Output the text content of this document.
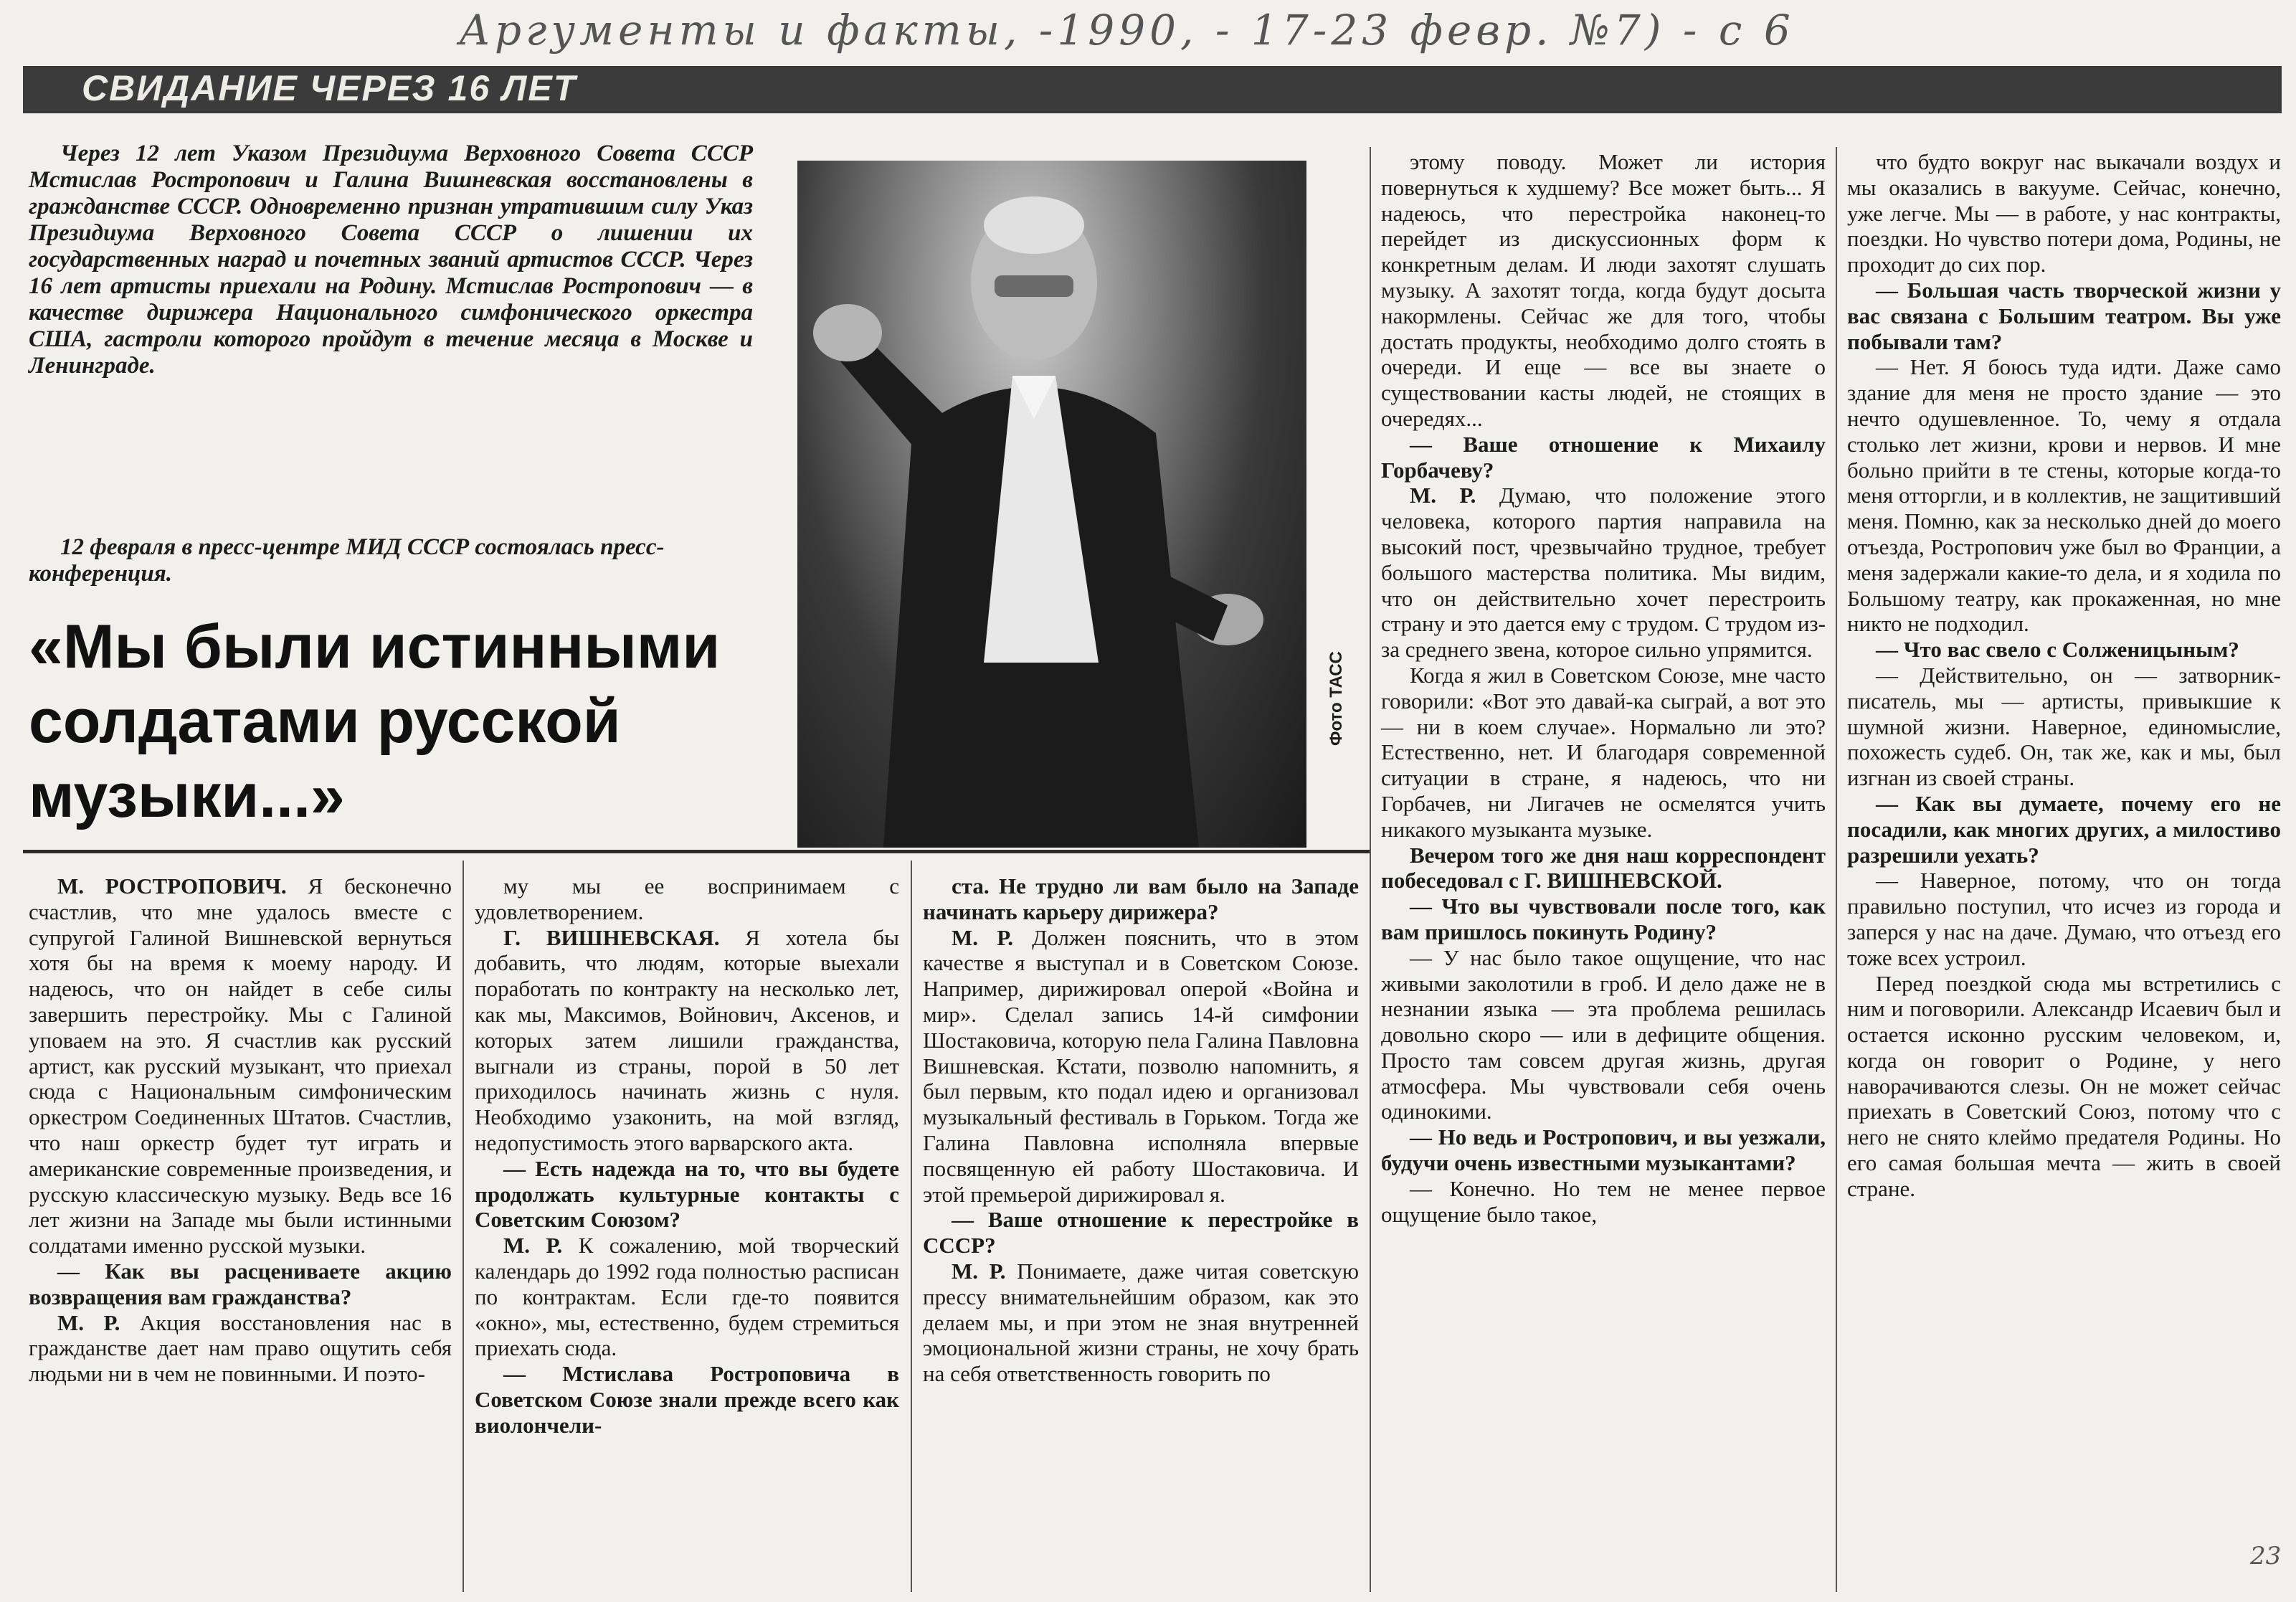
Аргументы и факты, -1990, - 17-23 февр. №7) - с 6
СВИДАНИЕ ЧЕРЕЗ 16 ЛЕТ

Через 12 лет Указом Президиума Верховного Совета СССР Мстислав Ростропович и Галина Вишневская восстановлены в гражданстве СССР. Одновременно признан утратившим силу Указ Президиума Верховного Совета СССР о лишении их государственных наград и почетных званий артистов СССР. Через 16 лет артисты приехали на Родину. Мстислав Ростропович — в качестве дирижера Национального симфонического оркестра США, гастроли которого пройдут в течение месяца в Москве и Ленинграде.

12 февраля в пресс-центре МИД СССР состоялась пресс-конференция.

«Мы были истинными солдатами русской музыки...»
Фото ТАСС

М. РОСТРОПОВИЧ. Я бесконечно счастлив, что мне удалось вместе с супругой Галиной Вишневской вернуться хотя бы на время к моему народу. И надеюсь, что он найдет в себе силы завершить перестройку. Мы с Галиной уповаем на это. Я счастлив как русский артист, как русский музыкант, что приехал сюда с Национальным симфоническим оркестром Соединенных Штатов. Счастлив, что наш оркестр будет тут играть и американские современные произведения, и русскую классическую музыку. Ведь все 16 лет жизни на Западе мы были истинными солдатами именно русской музыки.

— Как вы расцениваете акцию возвращения вам гражданства?

М. Р. Акция восстановления нас в гражданстве дает нам право ощутить себя людьми ни в чем не повинными. И поэто-

му мы ее воспринимаем с удовлетворением.

Г. ВИШНЕВСКАЯ. Я хотела бы добавить, что людям, которые выехали поработать по контракту на несколько лет, как мы, Максимов, Войнович, Аксенов, и которых затем лишили гражданства, выгнали из страны, порой в 50 лет приходилось начинать жизнь с нуля. Необходимо узаконить, на мой взгляд, недопустимость этого варварского акта.

— Есть надежда на то, что вы будете продолжать культурные контакты с Советским Союзом?

М. Р. К сожалению, мой творческий календарь до 1992 года полностью расписан по контрактам. Если где-то появится «окно», мы, естественно, будем стремиться приехать сюда.

— Мстислава Ростроповича в Советском Союзе знали прежде всего как виолончели-

ста. Не трудно ли вам было на Западе начинать карьеру дирижера?

М. Р. Должен пояснить, что в этом качестве я выступал и в Советском Союзе. Например, дирижировал оперой «Война и мир». Сделал запись 14-й симфонии Шостаковича, которую пела Галина Павловна Вишневская. Кстати, позволю напомнить, я был первым, кто подал идею и организовал музыкальный фестиваль в Горьком. Тогда же Галина Павловна исполняла впервые посвященную ей работу Шостаковича. И этой премьерой дирижировал я.

— Ваше отношение к перестройке в СССР?

М. Р. Понимаете, даже читая советскую прессу внимательнейшим образом, как это делаем мы, и при этом не зная внутренней эмоциональной жизни страны, не хочу брать на себя ответственность говорить по

этому поводу. Может ли история повернуться к худшему? Все может быть... Я надеюсь, что перестройка наконец-то перейдет из дискуссионных форм к конкретным делам. И люди захотят слушать музыку. А захотят тогда, когда будут досыта накормлены. Сейчас же для того, чтобы достать продукты, необходимо долго стоять в очереди. И еще — все вы знаете о существовании касты людей, не стоящих в очередях...

— Ваше отношение к Михаилу Горбачеву?

М. Р. Думаю, что положение этого человека, которого партия направила на высокий пост, чрезвычайно трудное, требует большого мастерства политика. Мы видим, что он действительно хочет перестроить страну и это дается ему с трудом. С трудом из-за среднего звена, которое сильно упрямится.

Когда я жил в Советском Союзе, мне часто говорили: «Вот это давай-ка сыграй, а вот это — ни в коем случае». Нормально ли это? Естественно, нет. И благодаря современной ситуации в стране, я надеюсь, что ни Горбачев, ни Лигачев не осмелятся учить никакого музыканта музыке.

Вечером того же дня наш корреспондент побеседовал с Г. ВИШНЕВСКОЙ.

— Что вы чувствовали после того, как вам пришлось покинуть Родину?

— У нас было такое ощущение, что нас живыми заколотили в гроб. И дело даже не в незнании языка — эта проблема решилась довольно скоро — или в дефиците общения. Просто там совсем другая жизнь, другая атмосфера. Мы чувствовали себя очень одинокими.

— Но ведь и Ростропович, и вы уезжали, будучи очень известными музыкантами?

— Конечно. Но тем не менее первое ощущение было такое,

что будто вокруг нас выкачали воздух и мы оказались в вакууме. Сейчас, конечно, уже легче. Мы — в работе, у нас контракты, поездки. Но чувство потери дома, Родины, не проходит до сих пор.

— Большая часть творческой жизни у вас связана с Большим театром. Вы уже побывали там?

— Нет. Я боюсь туда идти. Даже само здание для меня не просто здание — это нечто одушевленное. То, чему я отдала столько лет жизни, крови и нервов. И мне больно прийти в те стены, которые когда-то меня отторгли, и в коллектив, не защитивший меня. Помню, как за несколько дней до моего отъезда, Ростропович уже был во Франции, а меня задержали какие-то дела, и я ходила по Большому театру, как прокаженная, но мне никто не подходил.

— Что вас свело с Солженицыным?

— Действительно, он — затворник-писатель, мы — артисты, привыкшие к шумной жизни. Наверное, единомыслие, похожесть судеб. Он, так же, как и мы, был изгнан из своей страны.

— Как вы думаете, почему его не посадили, как многих других, а милостиво разрешили уехать?

— Наверное, потому, что он тогда правильно поступил, что исчез из города и заперся у нас на даче. Думаю, что отъезд его тоже всех устроил.

Перед поездкой сюда мы встретились с ним и поговорили. Александр Исаевич был и остается исконно русским человеком, и, когда он говорит о Родине, у него наворачиваются слезы. Он не может сейчас приехать в Советский Союз, потому что с него не снято клеймо предателя Родины. Но его самая большая мечта — жить в своей стране.

23
